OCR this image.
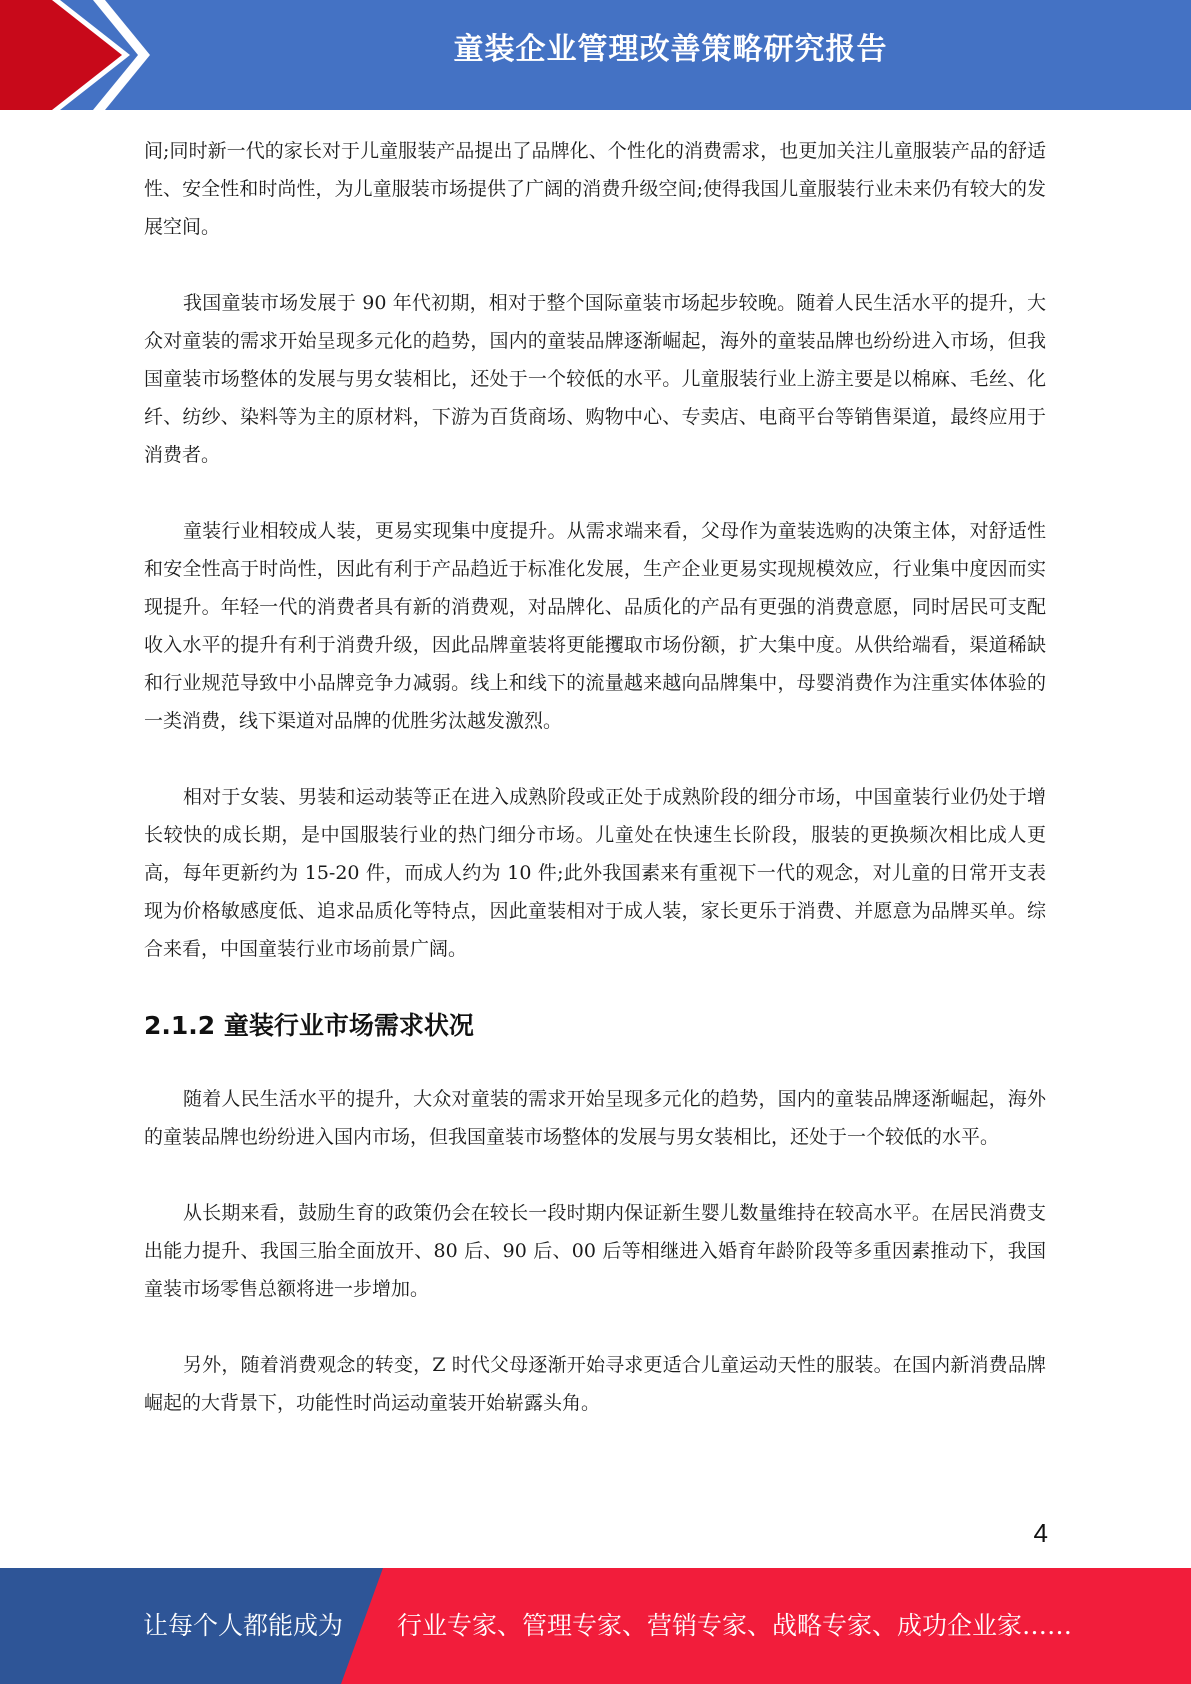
童装企业管理改善策略研究报告

间;同时新一代的家长对于儿童服装产品提出了品牌化、个性化的消费需求，也更加关注儿童服装产品的舒适性、安全性和时尚性，为儿童服装市场提供了广阔的消费升级空间;使得我国儿童服装行业未来仍有较大的发展空间。

我国童装市场发展于 90 年代初期，相对于整个国际童装市场起步较晚。随着人民生活水平的提升，大众对童装的需求开始呈现多元化的趋势，国内的童装品牌逐渐崛起，海外的童装品牌也纷纷进入市场，但我国童装市场整体的发展与男女装相比，还处于一个较低的水平。儿童服装行业上游主要是以棉麻、毛丝、化纤、纺纱、染料等为主的原材料，下游为百货商场、购物中心、专卖店、电商平台等销售渠道，最终应用于消费者。

童装行业相较成人装，更易实现集中度提升。从需求端来看，父母作为童装选购的决策主体，对舒适性和安全性高于时尚性，因此有利于产品趋近于标准化发展，生产企业更易实现规模效应，行业集中度因而实现提升。年轻一代的消费者具有新的消费观，对品牌化、品质化的产品有更强的消费意愿，同时居民可支配收入水平的提升有利于消费升级，因此品牌童装将更能攫取市场份额，扩大集中度。从供给端看，渠道稀缺和行业规范导致中小品牌竞争力减弱。线上和线下的流量越来越向品牌集中，母婴消费作为注重实体体验的一类消费，线下渠道对品牌的优胜劣汰越发激烈。

相对于女装、男装和运动装等正在进入成熟阶段或正处于成熟阶段的细分市场，中国童装行业仍处于增长较快的成长期，是中国服装行业的热门细分市场。儿童处在快速生长阶段，服装的更换频次相比成人更高，每年更新约为 15-20 件，而成人约为 10 件;此外我国素来有重视下一代的观念，对儿童的日常开支表现为价格敏感度低、追求品质化等特点，因此童装相对于成人装，家长更乐于消费、并愿意为品牌买单。综合来看，中国童装行业市场前景广阔。

2.1.2 童装行业市场需求状况

随着人民生活水平的提升，大众对童装的需求开始呈现多元化的趋势，国内的童装品牌逐渐崛起，海外的童装品牌也纷纷进入国内市场，但我国童装市场整体的发展与男女装相比，还处于一个较低的水平。

从长期来看，鼓励生育的政策仍会在较长一段时期内保证新生婴儿数量维持在较高水平。在居民消费支出能力提升、我国三胎全面放开、80 后、90 后、00 后等相继进入婚育年龄阶段等多重因素推动下，我国童装市场零售总额将进一步增加。

另外，随着消费观念的转变，Z 时代父母逐渐开始寻求更适合儿童运动天性的服装。在国内新消费品牌崛起的大背景下，功能性时尚运动童装开始崭露头角。

4
让每个人都能成为 行业专家、管理专家、营销专家、战略专家、成功企业家……
